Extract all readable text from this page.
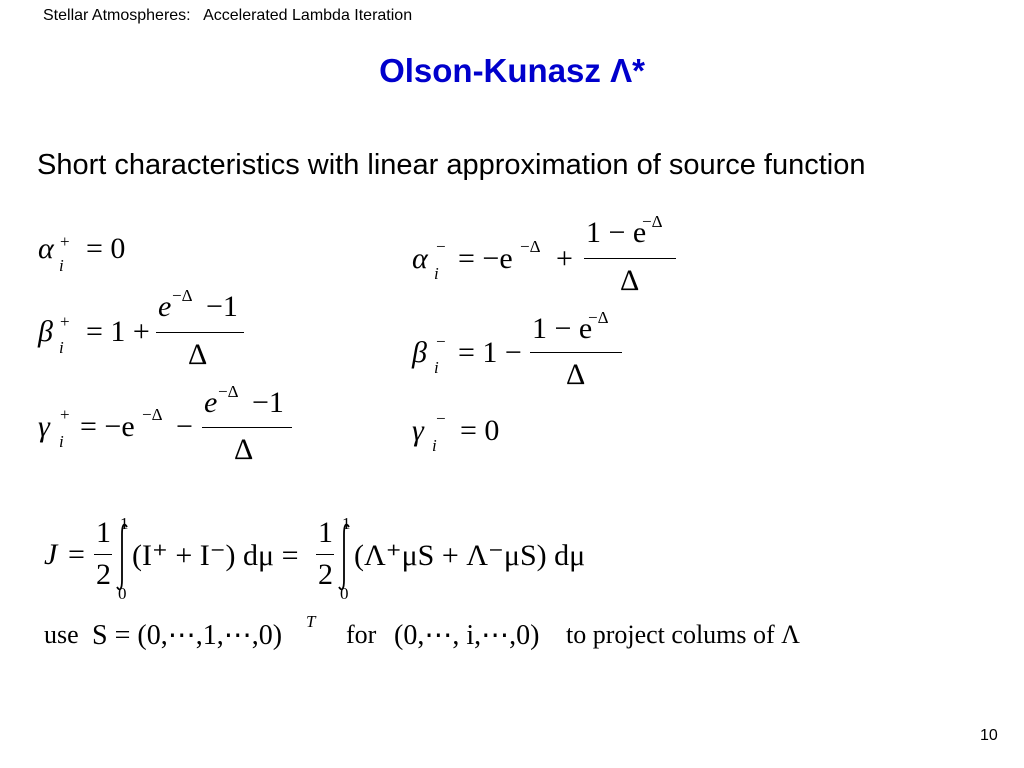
Stellar Atmospheres:   Accelerated Lambda Iteration
Olson-Kunasz Λ*
Short characteristics with linear approximation of source function
α +
i
= 0
β +
i = 1 +
e −Δ −1
Δ
γ +
i = −e −Δ −
e −Δ −1
Δ
α −
i = −e −Δ +
1 − e
−Δ
Δ
β −
i = 1 −
1 − e
−Δ
Δ
γ −
i = 0
J =
1
2
1
0
(I⁺ + I⁻) dμ =
1
2
1
0
(Λ⁺μS + Λ⁻μS) dμ
use S = (0,⋯,1,⋯,0) T for (0,⋯, i,⋯,0) to project colums of Λ
10
